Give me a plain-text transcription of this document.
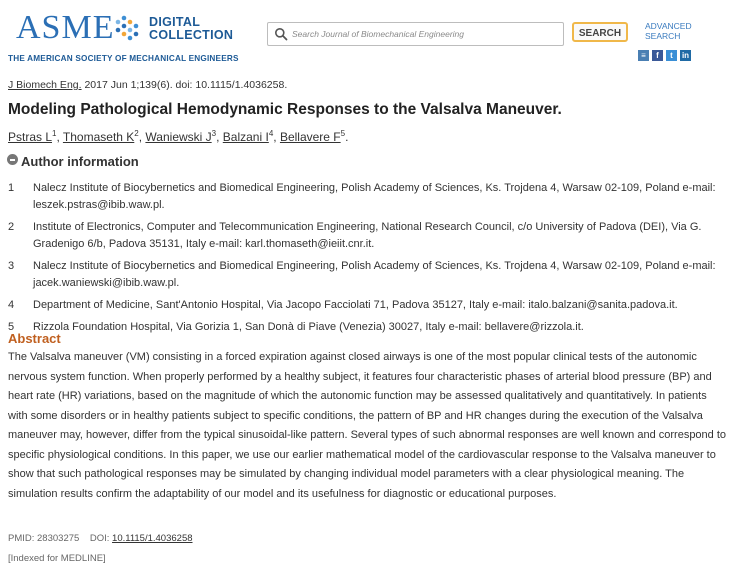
ASME	DIGITAL
COLLECTION
THE AMERICAN SOCIETY OF MECHANICAL ENGINEERS
Search Journal of Biomechanical Engineering
SEARCH
ADVANCED SEARCH
≡ f t in
J Biomech Eng. 2017 Jun 1;139(6). doi: 10.1115/1.4036258.
Modeling Pathological Hemodynamic Responses to the Valsalva Maneuver.
Pstras $L^1$, Thomaseth $K^2$, Waniewski $J^3$, Balzani $I^4$, Bellavere $F^5$.
Author information
1 Nalecz Institute of Biocybernetics and Biomedical Engineering, Polish Academy of Sciences, Ks. Trojdena 4, Warsaw 02-109, Poland e-mail: leszek.pstras@ibib.waw.pl.
2 Institute of Electronics, Computer and Telecommunication Engineering, National Research Council, c/o University of Padova (DEI), Via G. Gradenigo 6/b, Padova 35131, Italy e-mail: karl.thomaseth@ieiit.cnr.it.
3 Nalecz Institute of Biocybernetics and Biomedical Engineering, Polish Academy of Sciences, Ks. Trojdena 4, Warsaw 02-109, Poland e-mail: jacek.waniewski@ibib.waw.pl.
4 Department of Medicine, Sant'Antonio Hospital, Via Jacopo Facciolati 71, Padova 35127, Italy e-mail: italo.balzani@sanita.padova.it.
5 Rizzola Foundation Hospital, Via Gorizia 1, San Donà di Piave (Venezia) 30027, Italy e-mail: bellavere@rizzola.it.
Abstract

The Valsalva maneuver (VM) consisting in a forced expiration against closed airways is one of the most popular clinical tests of the autonomic nervous system function. When properly performed by a healthy subject, it features four characteristic phases of arterial blood pressure (BP) and heart rate (HR) variations, based on the magnitude of which the autonomic function may be assessed qualitatively and quantitatively. In patients with some disorders or in healthy patients subject to specific conditions, the pattern of BP and HR changes during the execution of the Valsalva maneuver may, however, differ from the typical sinusoidal-like pattern. Several types of such abnormal responses are well known and correspond to specific physiological conditions. In this paper, we use our earlier mathematical model of the cardiovascular response to the Valsalva maneuver to show that such pathological responses may be simulated by changing individual model parameters with a clear physiological meaning. The simulation results confirm the adaptability of our model and its usefulness for diagnostic or educational purposes.

PMID: 28303275 DOI: 10.1115/1.4036258
[Indexed for MEDLINE]
